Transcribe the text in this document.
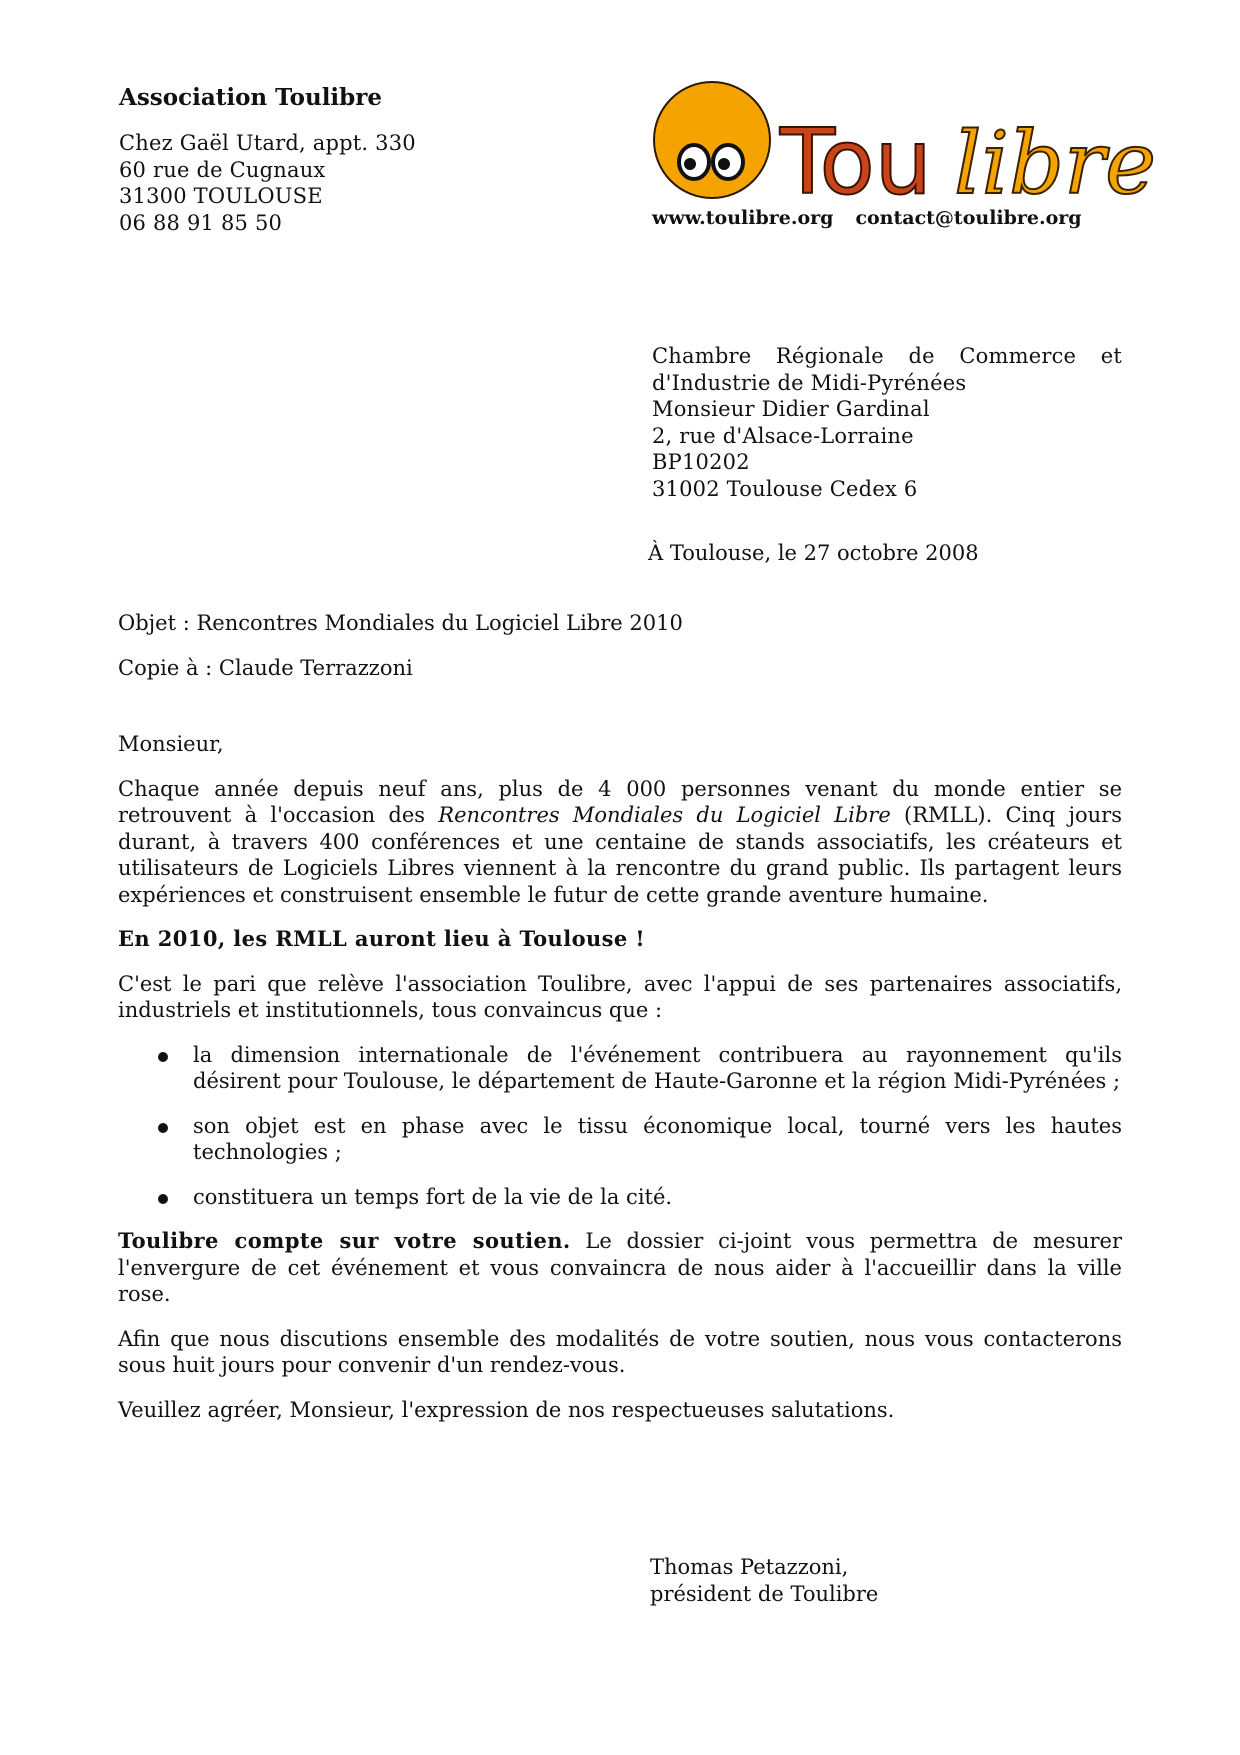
Association Toulibre
Chez Gaël Utard, appt. 330
60 rue de Cugnaux
31300 TOULOUSE
06 88 91 85 50
Tou libre
www.toulibre.org contact@toulibre.org
Chambre Régionale de Commerce et
d'Industrie de Midi-Pyrénées
Monsieur Didier Gardinal
2, rue d'Alsace-Lorraine
BP10202
31002 Toulouse Cedex 6
À Toulouse, le 27 octobre 2008

Objet : Rencontres Mondiales du Logiciel Libre 2010

Copie à : Claude Terrazzoni

Monsieur,

Chaque année depuis neuf ans, plus de 4 000 personnes venant du monde entier se retrouvent à l'occasion des Rencontres Mondiales du Logiciel Libre (RMLL). Cinq jours durant, à travers 400 conférences et une centaine de stands associatifs, les créateurs et utilisateurs de Logiciels Libres viennent à la rencontre du grand public. Ils partagent leurs expériences et construisent ensemble le futur de cette grande aventure humaine.

En 2010, les RMLL auront lieu à Toulouse !

C'est le pari que relève l'association Toulibre, avec l'appui de ses partenaires associatifs, industriels et institutionnels, tous convaincus que :

la dimension internationale de l'événement contribuera au rayonnement qu'ils désirent pour Toulouse, le département de Haute-Garonne et la région Midi-Pyrénées ;
son objet est en phase avec le tissu économique local, tourné vers les hautes technologies ;
constituera un temps fort de la vie de la cité.

Toulibre compte sur votre soutien. Le dossier ci-joint vous permettra de mesurer l'envergure de cet événement et vous convaincra de nous aider à l'accueillir dans la ville rose.

Afin que nous discutions ensemble des modalités de votre soutien, nous vous contacterons sous huit jours pour convenir d'un rendez-vous.

Veuillez agréer, Monsieur, l'expression de nos respectueuses salutations.

Thomas Petazzoni,
président de Toulibre
